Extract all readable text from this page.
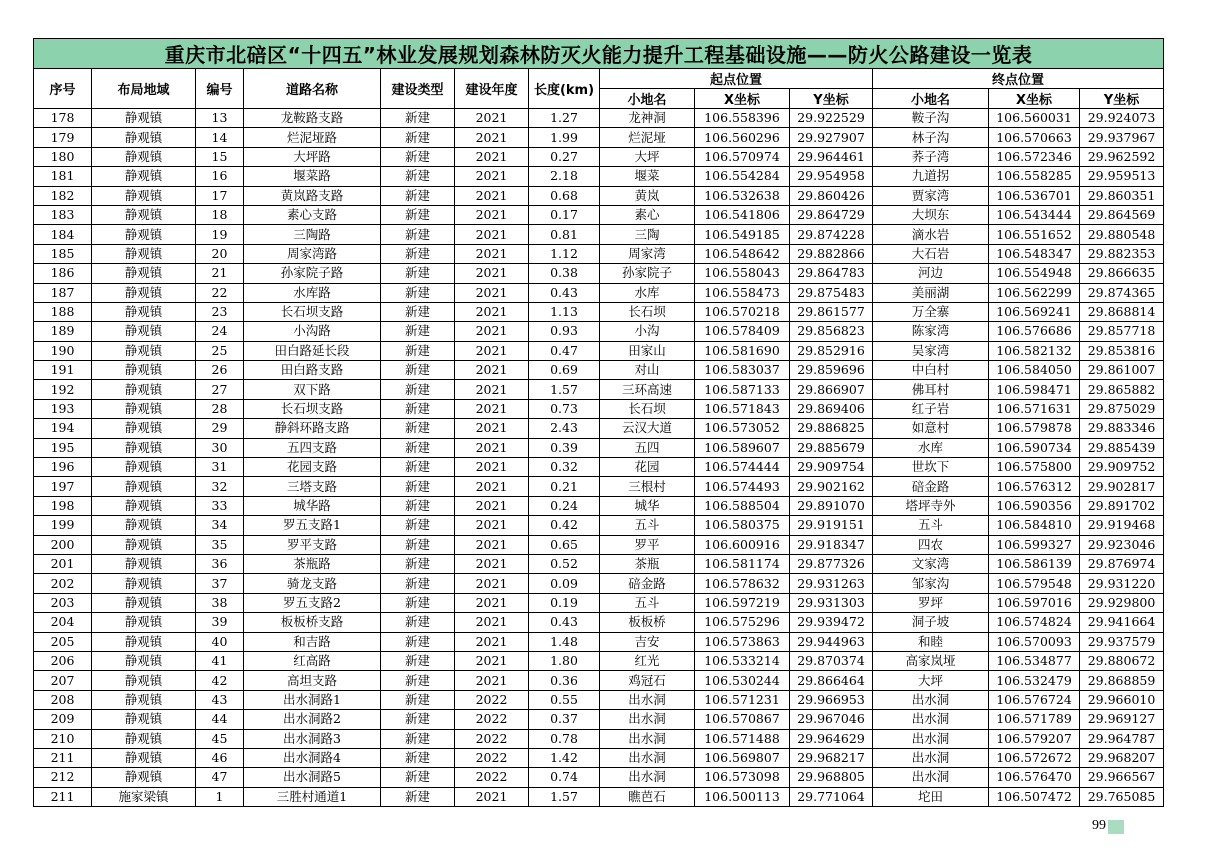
重庆市北碚区“十四五”林业发展规划森林防灭火能力提升工程基础设施——防火公路建设一览表												
序号	布局地域	编号	道路名称	建设类型	建设年度	长度(km)	起点位置			终点位置		
							小地名	X坐标	Y坐标	小地名	X坐标	Y坐标
178	静观镇	13	龙鞍路支路	新建	2021	1.27	龙神洞	106.558396	29.922529	鞍子沟	106.560031	29.924073
179	静观镇	14	烂泥垭路	新建	2021	1.99	烂泥垭	106.560296	29.927907	林子沟	106.570663	29.937967
180	静观镇	15	大坪路	新建	2021	0.27	大坪	106.570974	29.964461	荞子湾	106.572346	29.962592
181	静观镇	16	堰菜路	新建	2021	2.18	堰菜	106.554284	29.954958	九道拐	106.558285	29.959513
182	静观镇	17	黄岚路支路	新建	2021	0.68	黄岚	106.532638	29.860426	贾家湾	106.536701	29.860351
183	静观镇	18	素心支路	新建	2021	0.17	素心	106.541806	29.864729	大坝东	106.543444	29.864569
184	静观镇	19	三陶路	新建	2021	0.81	三陶	106.549185	29.874228	滴水岩	106.551652	29.880548
185	静观镇	20	周家湾路	新建	2021	1.12	周家湾	106.548642	29.882866	大石岩	106.548347	29.882353
186	静观镇	21	孙家院子路	新建	2021	0.38	孙家院子	106.558043	29.864783	河边	106.554948	29.866635
187	静观镇	22	水库路	新建	2021	0.43	水库	106.558473	29.875483	美丽湖	106.562299	29.874365
188	静观镇	23	长石坝支路	新建	2021	1.13	长石坝	106.570218	29.861577	万全寨	106.569241	29.868814
189	静观镇	24	小沟路	新建	2021	0.93	小沟	106.578409	29.856823	陈家湾	106.576686	29.857718
190	静观镇	25	田白路延长段	新建	2021	0.47	田家山	106.581690	29.852916	吴家湾	106.582132	29.853816
191	静观镇	26	田白路支路	新建	2021	0.69	对山	106.583037	29.859696	中白村	106.584050	29.861007
192	静观镇	27	双下路	新建	2021	1.57	三环高速	106.587133	29.866907	佛耳村	106.598471	29.865882
193	静观镇	28	长石坝支路	新建	2021	0.73	长石坝	106.571843	29.869406	红子岩	106.571631	29.875029
194	静观镇	29	静斜环路支路	新建	2021	2.43	云汉大道	106.573052	29.886825	如意村	106.579878	29.883346
195	静观镇	30	五四支路	新建	2021	0.39	五四	106.589607	29.885679	水库	106.590734	29.885439
196	静观镇	31	花园支路	新建	2021	0.32	花园	106.574444	29.909754	世坎下	106.575800	29.909752
197	静观镇	32	三塔支路	新建	2021	0.21	三根村	106.574493	29.902162	碚金路	106.576312	29.902817
198	静观镇	33	城华路	新建	2021	0.24	城华	106.588504	29.891070	塔坪寺外	106.590356	29.891702
199	静观镇	34	罗五支路1	新建	2021	0.42	五斗	106.580375	29.919151	五斗	106.584810	29.919468
200	静观镇	35	罗平支路	新建	2021	0.65	罗平	106.600916	29.918347	四农	106.599327	29.923046
201	静观镇	36	茶瓶路	新建	2021	0.52	茶瓶	106.581174	29.877326	文家湾	106.586139	29.876974
202	静观镇	37	骑龙支路	新建	2021	0.09	碚金路	106.578632	29.931263	邹家沟	106.579548	29.931220
203	静观镇	38	罗五支路2	新建	2021	0.19	五斗	106.597219	29.931303	罗坪	106.597016	29.929800
204	静观镇	39	板板桥支路	新建	2021	0.43	板板桥	106.575296	29.939472	洞子坡	106.574824	29.941664
205	静观镇	40	和吉路	新建	2021	1.48	吉安	106.573863	29.944963	和睦	106.570093	29.937579
206	静观镇	41	红高路	新建	2021	1.80	红光	106.533214	29.870374	高家岚垭	106.534877	29.880672
207	静观镇	42	高坦支路	新建	2021	0.36	鸡冠石	106.530244	29.866464	大坪	106.532479	29.868859
208	静观镇	43	出水洞路1	新建	2022	0.55	出水洞	106.571231	29.966953	出水洞	106.576724	29.966010
209	静观镇	44	出水洞路2	新建	2022	0.37	出水洞	106.570867	29.967046	出水洞	106.571789	29.969127
210	静观镇	45	出水洞路3	新建	2022	0.78	出水洞	106.571488	29.964629	出水洞	106.579207	29.964787
211	静观镇	46	出水洞路4	新建	2022	1.42	出水洞	106.569807	29.968217	出水洞	106.572672	29.968207
212	静观镇	47	出水洞路5	新建	2022	0.74	出水洞	106.573098	29.968805	出水洞	106.576470	29.966567
211	施家梁镇	1	三胜村通道1	新建	2021	1.57	瞧芭石	106.500113	29.771064	坨田	106.507472	29.765085
99
